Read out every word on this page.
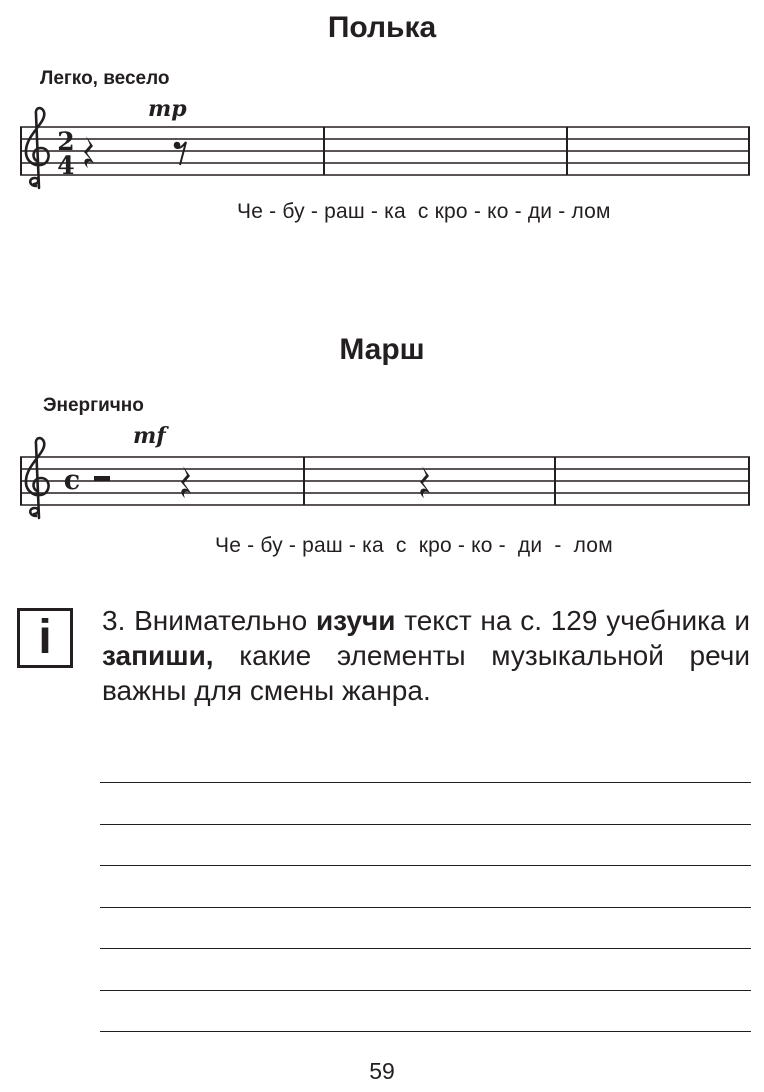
Полька
Легко, весело
mp
2
4
Че - бу - раш - ка  с кро - ко - ди - лом
Марш
Энергично
mf
c
Че - бу - раш - ка  с  кро - ко -  ди  -  лом
i	3. Внимательно изучи текст на с. 129 учебника и запиши, какие элементы музыкальной речи важны для смены жанра.
59
